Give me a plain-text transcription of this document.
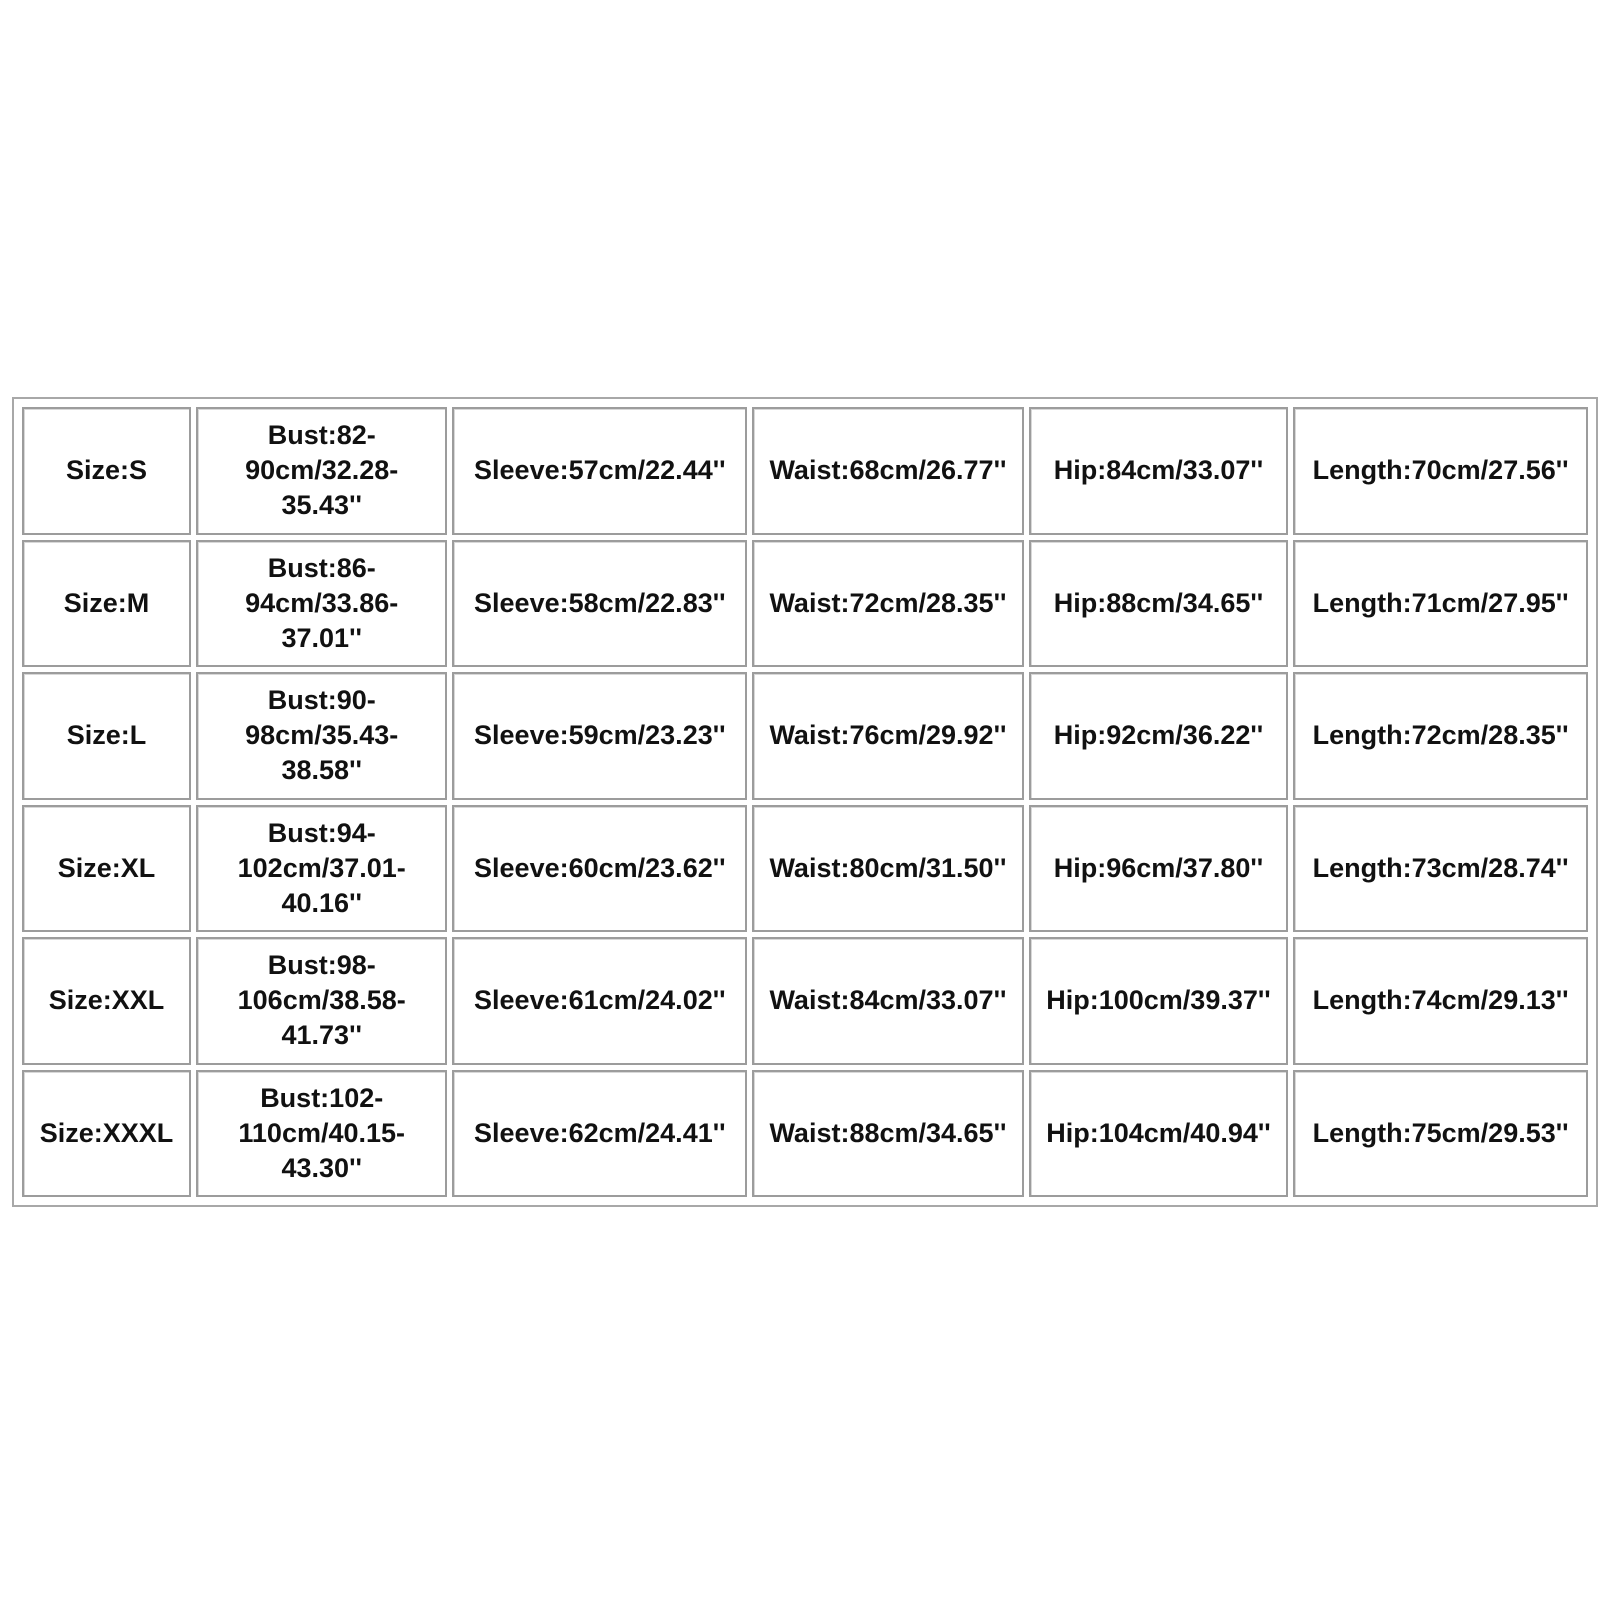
Size:S	Bust:82-
90cm/32.28-
35.43''	Sleeve:57cm/22.44''	Waist:68cm/26.77''	Hip:84cm/33.07''	Length:70cm/27.56''
Size:M	Bust:86-
94cm/33.86-
37.01''	Sleeve:58cm/22.83''	Waist:72cm/28.35''	Hip:88cm/34.65''	Length:71cm/27.95''
Size:L	Bust:90-
98cm/35.43-
38.58''	Sleeve:59cm/23.23''	Waist:76cm/29.92''	Hip:92cm/36.22''	Length:72cm/28.35''
Size:XL	Bust:94-
102cm/37.01-
40.16''	Sleeve:60cm/23.62''	Waist:80cm/31.50''	Hip:96cm/37.80''	Length:73cm/28.74''
Size:XXL	Bust:98-
106cm/38.58-
41.73''	Sleeve:61cm/24.02''	Waist:84cm/33.07''	Hip:100cm/39.37''	Length:74cm/29.13''
Size:XXXL	Bust:102-
110cm/40.15-
43.30''	Sleeve:62cm/24.41''	Waist:88cm/34.65''	Hip:104cm/40.94''	Length:75cm/29.53''
